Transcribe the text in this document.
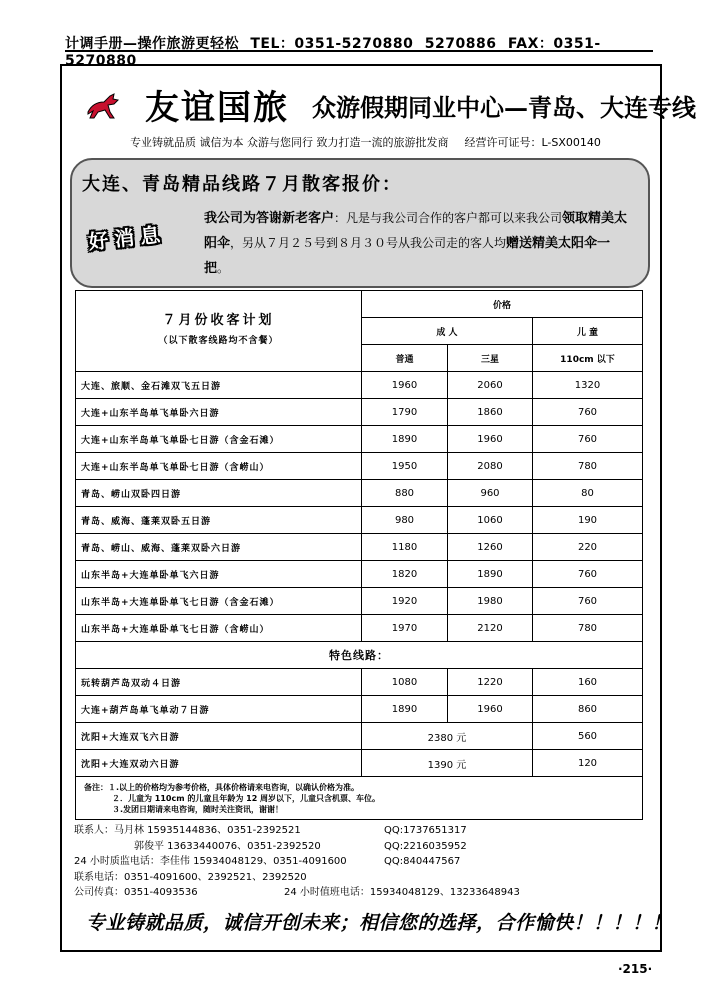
计调手册—操作旅游更轻松 TEL：0351-5270880 5270886 FAX：0351-5270880
友谊国旅 众游假期同业中心—青岛、大连专线
专业铸就品质 诚信为本 众游与您同行 致力打造一流的旅游批发商 经营许可证号：L-SX00140
大连、青岛精品线路７月散客报价：
好消息
我公司为答谢新老客户：凡是与我公司合作的客户都可以来我公司领取精美太阳伞，另从７月２５号到８月３０号从我公司走的客人均赠送精美太阳伞一把。
７月份收客计划
（以下散客线路均不含餐）	价格		
	成 人		儿 童
	普通	三星	110cm 以下
大连、旅顺、金石滩双飞五日游	1960	2060	1320
大连+山东半岛单飞单卧六日游	1790	1860	760
大连+山东半岛单飞单卧七日游（含金石滩）	1890	1960	760
大连+山东半岛单飞单卧七日游（含崂山）	1950	2080	780
青岛、崂山双卧四日游	880	960	80
青岛、威海、蓬莱双卧五日游	980	1060	190
青岛、崂山、威海、蓬莱双卧六日游	1180	1260	220
山东半岛+大连单卧单飞六日游	1820	1890	760
山东半岛+大连单卧单飞七日游（含金石滩）	1920	1980	760
山东半岛+大连单卧单飞七日游（含崂山）	1970	2120	780
特色线路：			
玩转葫芦岛双动４日游	1080	1220	160
大连+葫芦岛单飞单动７日游	1890	1960	860
沈阳+大连双飞六日游	2380 元		560
沈阳+大连双动六日游	1390 元		120

备注：１.以上的价格均为参考价格，具体价格请来电咨询，以确认价格为准。
２．儿童为 110cm 的儿童且年龄为 12 周岁以下，儿童只含机票、车位。
３.发团日期请来电咨询，随时关注资讯，谢谢！			
联系人：马月林 15935144836、0351-2392521	QQ:1737651317
郭俊平 13633440076、0351-2392520	QQ:2216035952
24 小时质监电话：李佳伟 15934048129、0351-4091600	QQ:840447567
联系电话：0351-4091600、2392521、2392520
公司传真：0351-4093536	24 小时值班电话：15934048129、13233648943
专业铸就品质，诚信开创未来；相信您的选择，合作愉快！！！！！
·215·
